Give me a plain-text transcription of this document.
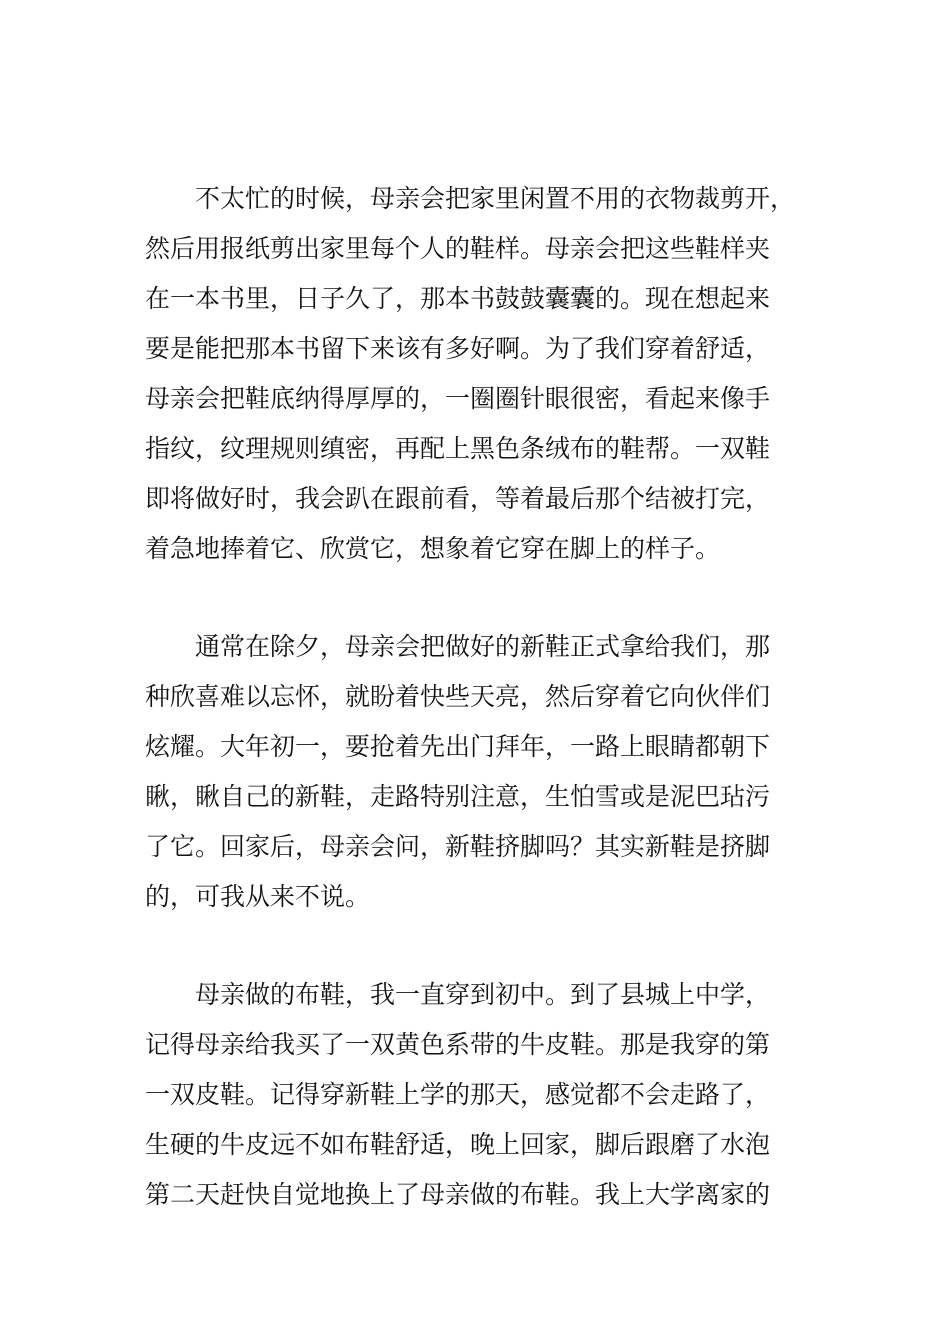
不太忙的时候，母亲会把家里闲置不用的衣物裁剪开，
然后用报纸剪出家里每个人的鞋样。母亲会把这些鞋样夹
在一本书里，日子久了，那本书鼓鼓囊囊的。现在想起来
要是能把那本书留下来该有多好啊。为了我们穿着舒适，
母亲会把鞋底纳得厚厚的，一圈圈针眼很密，看起来像手
指纹，纹理规则缜密，再配上黑色条绒布的鞋帮。一双鞋
即将做好时，我会趴在跟前看，等着最后那个结被打完，
着急地捧着它、欣赏它，想象着它穿在脚上的样子。
通常在除夕，母亲会把做好的新鞋正式拿给我们，那
种欣喜难以忘怀，就盼着快些天亮，然后穿着它向伙伴们
炫耀。大年初一，要抢着先出门拜年，一路上眼睛都朝下
瞅，瞅自己的新鞋，走路特别注意，生怕雪或是泥巴玷污
了它。回家后，母亲会问，新鞋挤脚吗？其实新鞋是挤脚
的，可我从来不说。
母亲做的布鞋，我一直穿到初中。到了县城上中学，
记得母亲给我买了一双黄色系带的牛皮鞋。那是我穿的第
一双皮鞋。记得穿新鞋上学的那天，感觉都不会走路了，
生硬的牛皮远不如布鞋舒适，晚上回家，脚后跟磨了水泡
第二天赶快自觉地换上了母亲做的布鞋。我上大学离家的
